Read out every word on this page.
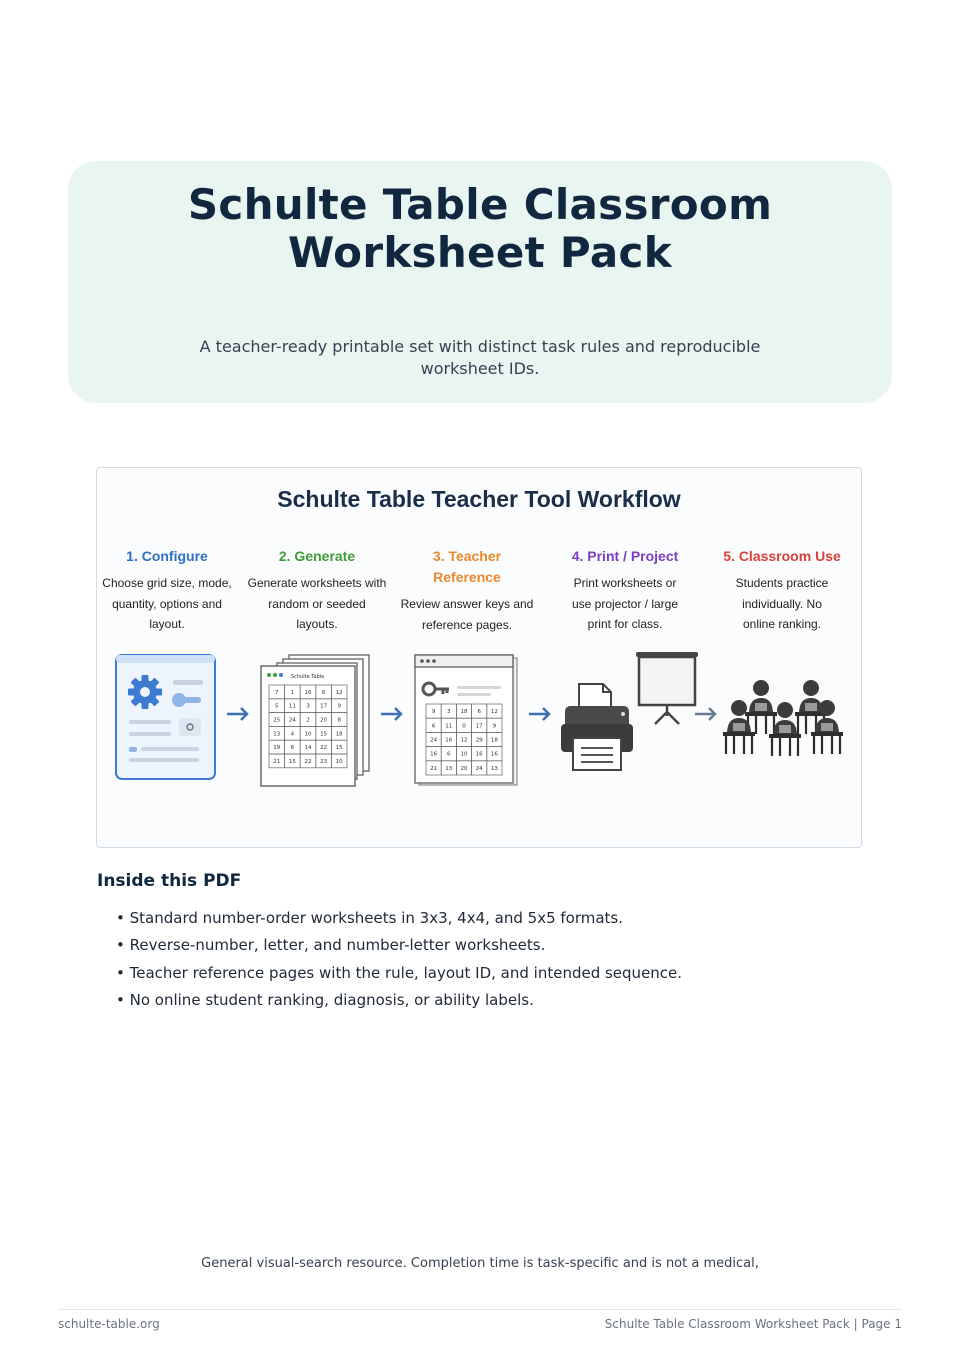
Schulte Table Classroom Worksheet Pack

A teacher-ready printable set with distinct task rules and reproducible worksheet IDs.

Schulte Table Teacher Tool Workflow
1. Configure
Choose grid size, mode, quantity, options and layout.
2. Generate
Generate worksheets with random or seeded layouts.
3. Teacher Reference
Review answer keys and reference pages.
4. Print / Project
Print worksheets or use projector / large print for class.
5. Classroom Use
Students practice individually. No online ranking.
Schulte Table
7 1 16 6 12
5 11 3 17 9
25 24 2 20 8
13 4 10 15 18
19 6 14 22 15
21 15 22 23 10
9 3 18 6 12
6 11 0 17 9
24 16 12 29 18
16 6 10 16 16
21 13 20 24 13
Inside this PDF
• Standard number-order worksheets in 3x3, 4x4, and 5x5 formats.
• Reverse-number, letter, and number-letter worksheets.
• Teacher reference pages with the rule, layout ID, and intended sequence.
• No online student ranking, diagnosis, or ability labels.
General visual-search resource. Completion time is task-specific and is not a medical,
schulte-table.org	Schulte Table Classroom Worksheet Pack | Page 1
